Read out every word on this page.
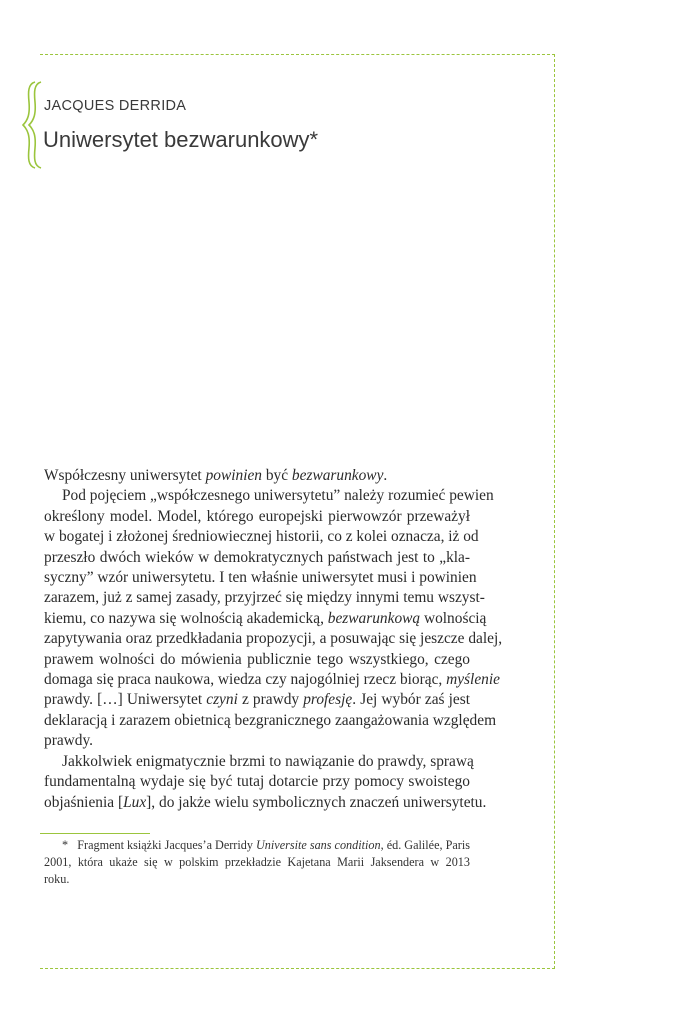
JACQUES DERRIDA
Uniwersytet bezwarunkowy*
Współczesny uniwersytet powinien być bezwarunkowy.
Pod pojęciem „współczesnego uniwersytetu” należy rozumieć pewien
określony model. Model, którego europejski pierwowzór przeważył
w bogatej i złożonej średniowiecznej historii, co z kolei oznacza, iż od
przeszło dwóch wieków w demokratycznych państwach jest to „kla-
syczny” wzór uniwersytetu. I ten właśnie uniwersytet musi i powinien
zarazem, już z samej zasady, przyjrzeć się między innymi temu wszyst-
kiemu, co nazywa się wolnością akademicką, bezwarunkową wolnością
zapytywania oraz przedkładania propozycji, a posuwając się jeszcze dalej,
prawem wolności do mówienia publicznie tego wszystkiego, czego
domaga się praca naukowa, wiedza czy najogólniej rzecz biorąc, myślenie
prawdy. […] Uniwersytet czyni z prawdy profesję. Jej wybór zaś jest
deklaracją i zarazem obietnicą bezgranicznego zaangażowania względem
prawdy.
Jakkolwiek enigmatycznie brzmi to nawiązanie do prawdy, sprawą
fundamentalną wydaje się być tutaj dotarcie przy pomocy swoistego
objaśnienia [Lux], do jakże wielu symbolicznych znaczeń uniwersytetu.
*   Fragment książki Jacques’a Derridy Universite sans condition, éd. Galilée, Paris
2001, która ukaże się w polskim przekładzie Kajetana Marii Jaksendera w 2013
roku.
